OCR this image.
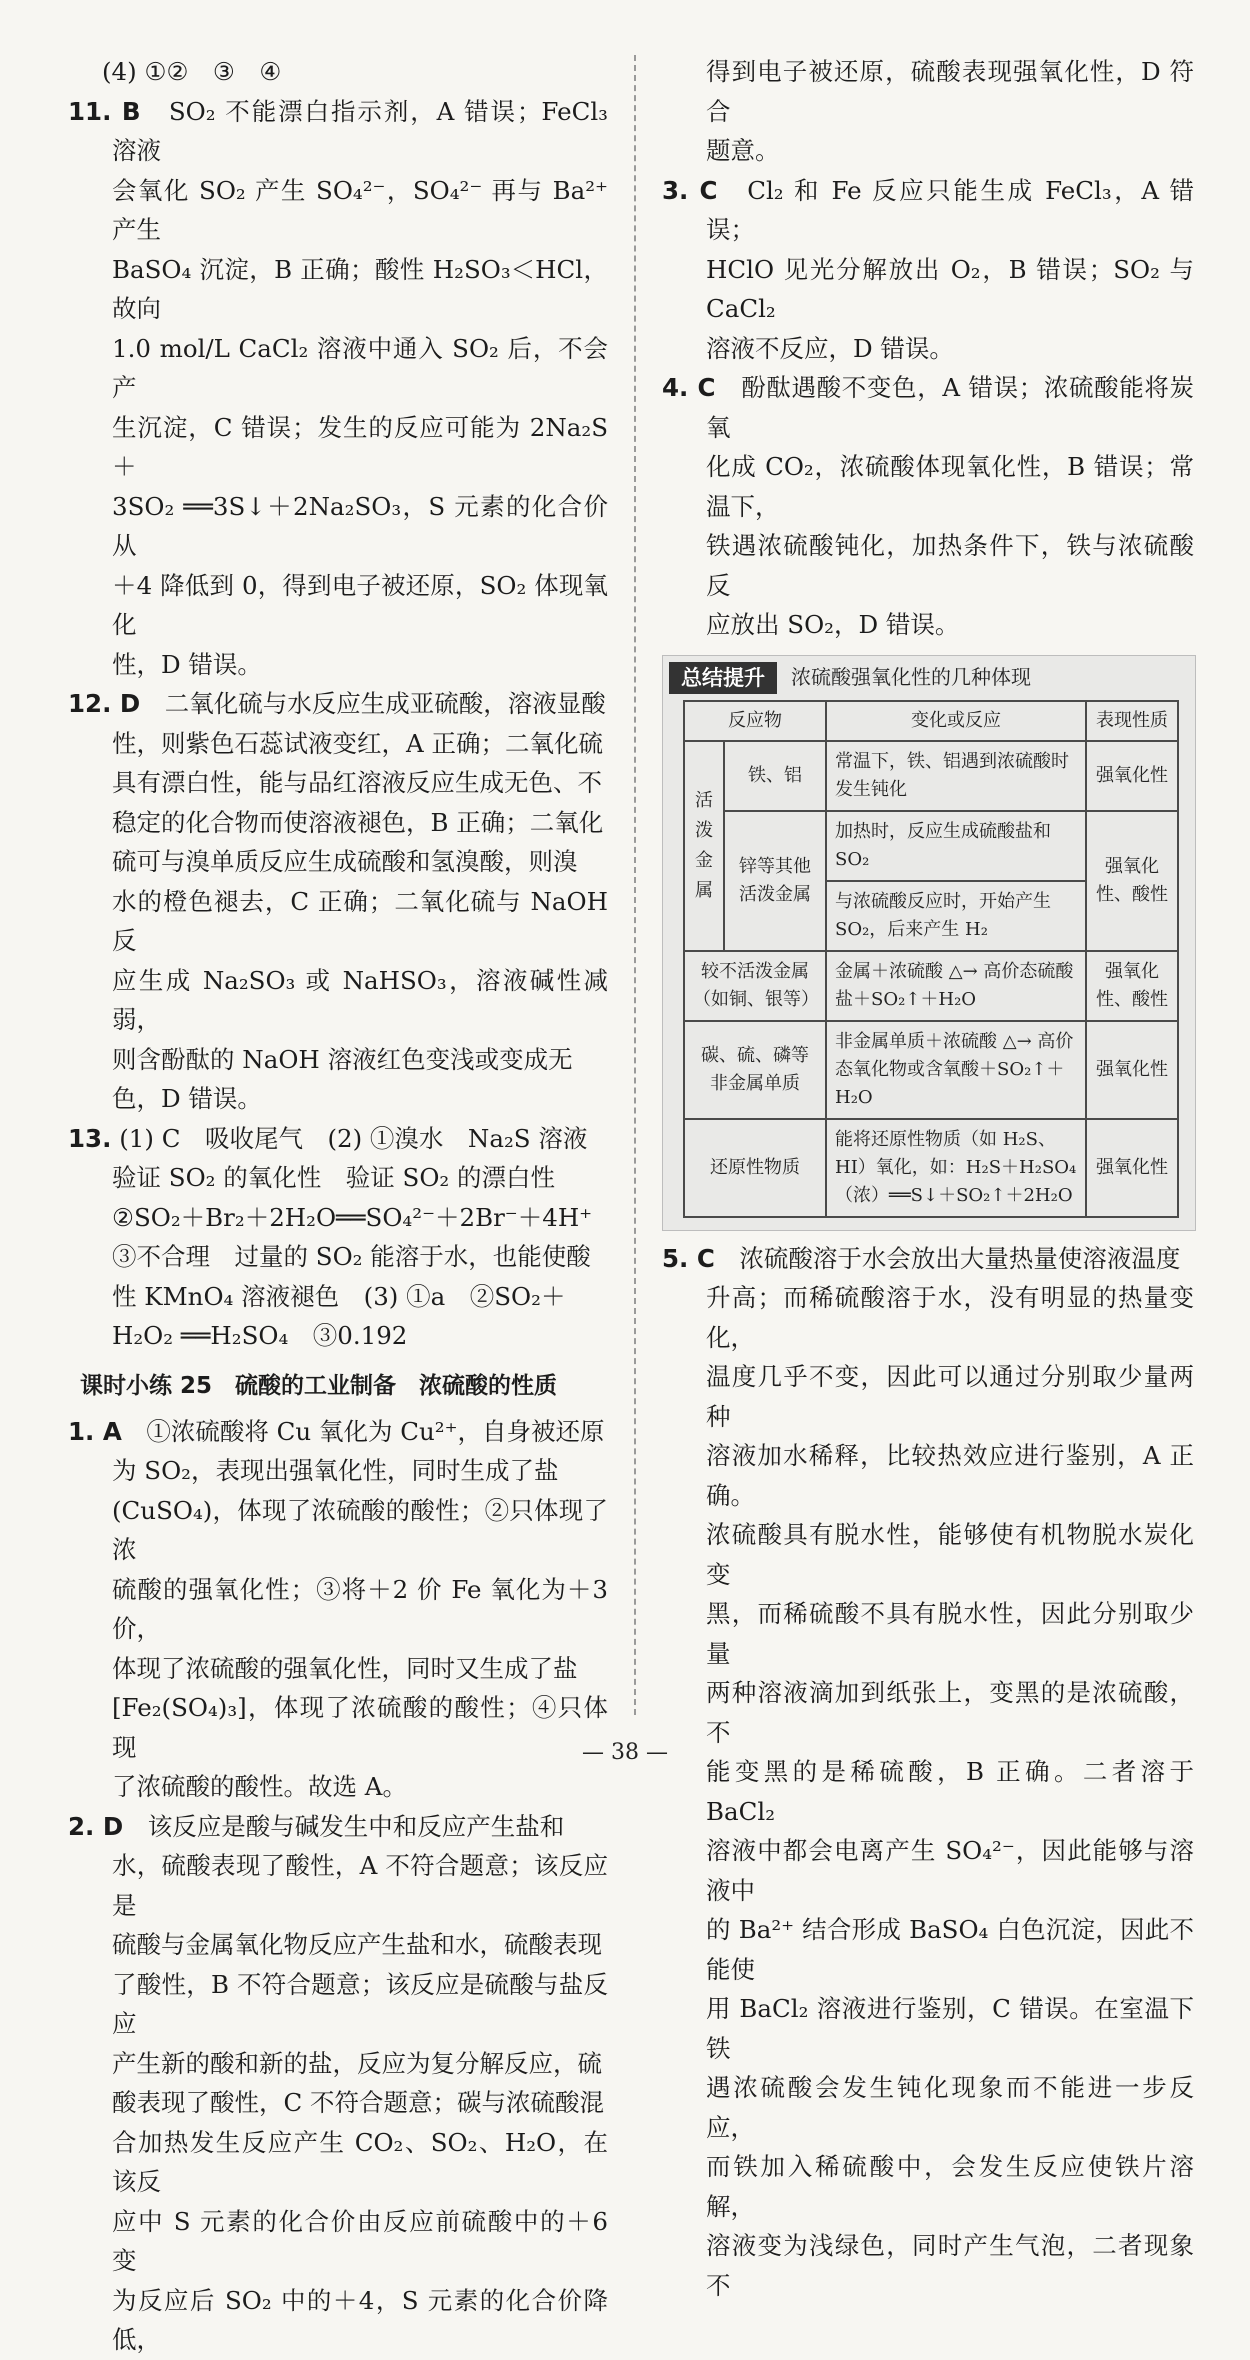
(4) ①②　③　④

11. B　 SO₂ 不能漂白指示剂，A 错误；FeCl₃ 溶液

会氧化 SO₂ 产生 SO₄²⁻，SO₄²⁻ 再与 Ba²⁺ 产生

BaSO₄ 沉淀，B 正确；酸性 H₂SO₃＜HCl，故向

1.0 mol/L CaCl₂ 溶液中通入 SO₂ 后，不会产

生沉淀，C 错误；发生的反应可能为 2Na₂S＋

3SO₂ ══3S↓＋2Na₂SO₃，S 元素的化合价从

＋4 降低到 0，得到电子被还原，SO₂ 体现氧化

性，D 错误。

12. D　 二氧化硫与水反应生成亚硫酸，溶液显酸

性，则紫色石蕊试液变红，A 正确；二氧化硫

具有漂白性，能与品红溶液反应生成无色、不

稳定的化合物而使溶液褪色，B 正确；二氧化

硫可与溴单质反应生成硫酸和氢溴酸，则溴

水的橙色褪去，C 正确；二氧化硫与 NaOH 反

应生成 Na₂SO₃ 或 NaHSO₃，溶液碱性减弱，

则含酚酞的 NaOH 溶液红色变浅或变成无

色，D 错误。

13. (1) C　吸收尾气　(2) ①溴水　Na₂S 溶液

验证 SO₂ 的氧化性　验证 SO₂ 的漂白性

②SO₂＋Br₂＋2H₂O══SO₄²⁻＋2Br⁻＋4H⁺

③不合理　过量的 SO₂ 能溶于水，也能使酸

性 KMnO₄ 溶液褪色　(3) ①a　②SO₂＋

H₂O₂ ══H₂SO₄　③0.192

课时小练 25　硫酸的工业制备　浓硫酸的性质

1. A　 ①浓硫酸将 Cu 氧化为 Cu²⁺，自身被还原

为 SO₂，表现出强氧化性，同时生成了盐

(CuSO₄)，体现了浓硫酸的酸性；②只体现了浓

硫酸的强氧化性；③将＋2 价 Fe 氧化为＋3 价，

体现了浓硫酸的强氧化性，同时又生成了盐

[Fe₂(SO₄)₃]，体现了浓硫酸的酸性；④只体现

了浓硫酸的酸性。故选 A。

2. D　 该反应是酸与碱发生中和反应产生盐和

水，硫酸表现了酸性，A 不符合题意；该反应是

硫酸与金属氧化物反应产生盐和水，硫酸表现

了酸性，B 不符合题意；该反应是硫酸与盐反应

产生新的酸和新的盐，反应为复分解反应，硫

酸表现了酸性，C 不符合题意；碳与浓硫酸混

合加热发生反应产生 CO₂、SO₂、H₂O，在该反

应中 S 元素的化合价由反应前硫酸中的＋6 变

为反应后 SO₂ 中的＋4，S 元素的化合价降低，

得到电子被还原，硫酸表现强氧化性，D 符合

题意。

3. C　 Cl₂ 和 Fe 反应只能生成 FeCl₃，A 错误；

HClO 见光分解放出 O₂，B 错误；SO₂ 与 CaCl₂

溶液不反应，D 错误。

4. C　 酚酞遇酸不变色，A 错误；浓硫酸能将炭氧

化成 CO₂，浓硫酸体现氧化性，B 错误；常温下，

铁遇浓硫酸钝化，加热条件下，铁与浓硫酸反

应放出 SO₂，D 错误。

总结提升	浓硫酸强氧化性的几种体现
反应物		变化或反应	表现性质
活泼金属	铁、铝	常温下，铁、铝遇到浓硫酸时发生钝化	强氧化性
	锌等其他活泼金属	加热时，反应生成硫酸盐和 SO₂	强氧化性、酸性
		与浓硫酸反应时，开始产生 SO₂，后来产生 H₂	
较不活泼金属（如铜、银等）		金属＋浓硫酸 △→ 高价态硫酸盐＋SO₂↑＋H₂O	强氧化性、酸性
碳、硫、磷等非金属单质		非金属单质＋浓硫酸 △→ 高价态氧化物或含氧酸＋SO₂↑＋H₂O	强氧化性
还原性物质		能将还原性物质（如 H₂S、HI）氧化，如：H₂S＋H₂SO₄（浓）══S↓＋SO₂↑＋2H₂O	强氧化性

5. C　 浓硫酸溶于水会放出大量热量使溶液温度

升高；而稀硫酸溶于水，没有明显的热量变化，

温度几乎不变，因此可以通过分别取少量两种

溶液加水稀释，比较热效应进行鉴别，A 正确。

浓硫酸具有脱水性，能够使有机物脱水炭化变

黑，而稀硫酸不具有脱水性，因此分别取少量

两种溶液滴加到纸张上，变黑的是浓硫酸，不

能变黑的是稀硫酸，B 正确。二者溶于 BaCl₂

溶液中都会电离产生 SO₄²⁻，因此能够与溶液中

的 Ba²⁺ 结合形成 BaSO₄ 白色沉淀，因此不能使

用 BaCl₂ 溶液进行鉴别，C 错误。在室温下铁

遇浓硫酸会发生钝化现象而不能进一步反应，

而铁加入稀硫酸中，会发生反应使铁片溶解，

溶液变为浅绿色，同时产生气泡，二者现象不

— 38 —
